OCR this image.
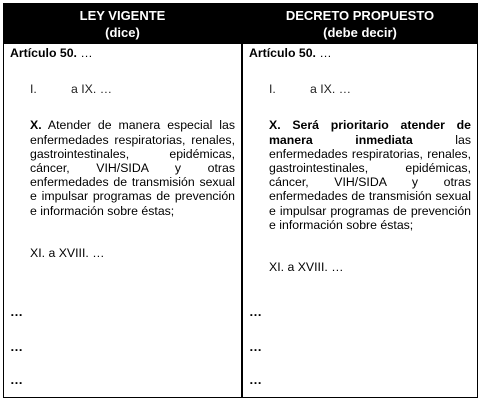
LEY VIGENTE
(dice)
Artículo 50. …
I.	a IX. …

X. Atender de manera especial las enfermedades respiratorias, renales, gastrointestinales, epidémicas, cáncer, VIH/SIDA y otras enfermedades de transmisión sexual e impulsar programas de prevención e información sobre éstas;

XI. a XVIII. …
…
…
…
DECRETO PROPUESTO
(debe decir)
Artículo 50. …
I.	a IX. …

X. Será prioritario atender de manera inmediata las enfermedades respiratorias, renales, gastrointestinales, epidémicas, cáncer, VIH/SIDA y otras enfermedades de transmisión sexual e impulsar programas de prevención e información sobre éstas;

XI. a XVIII. …
…
…
…
